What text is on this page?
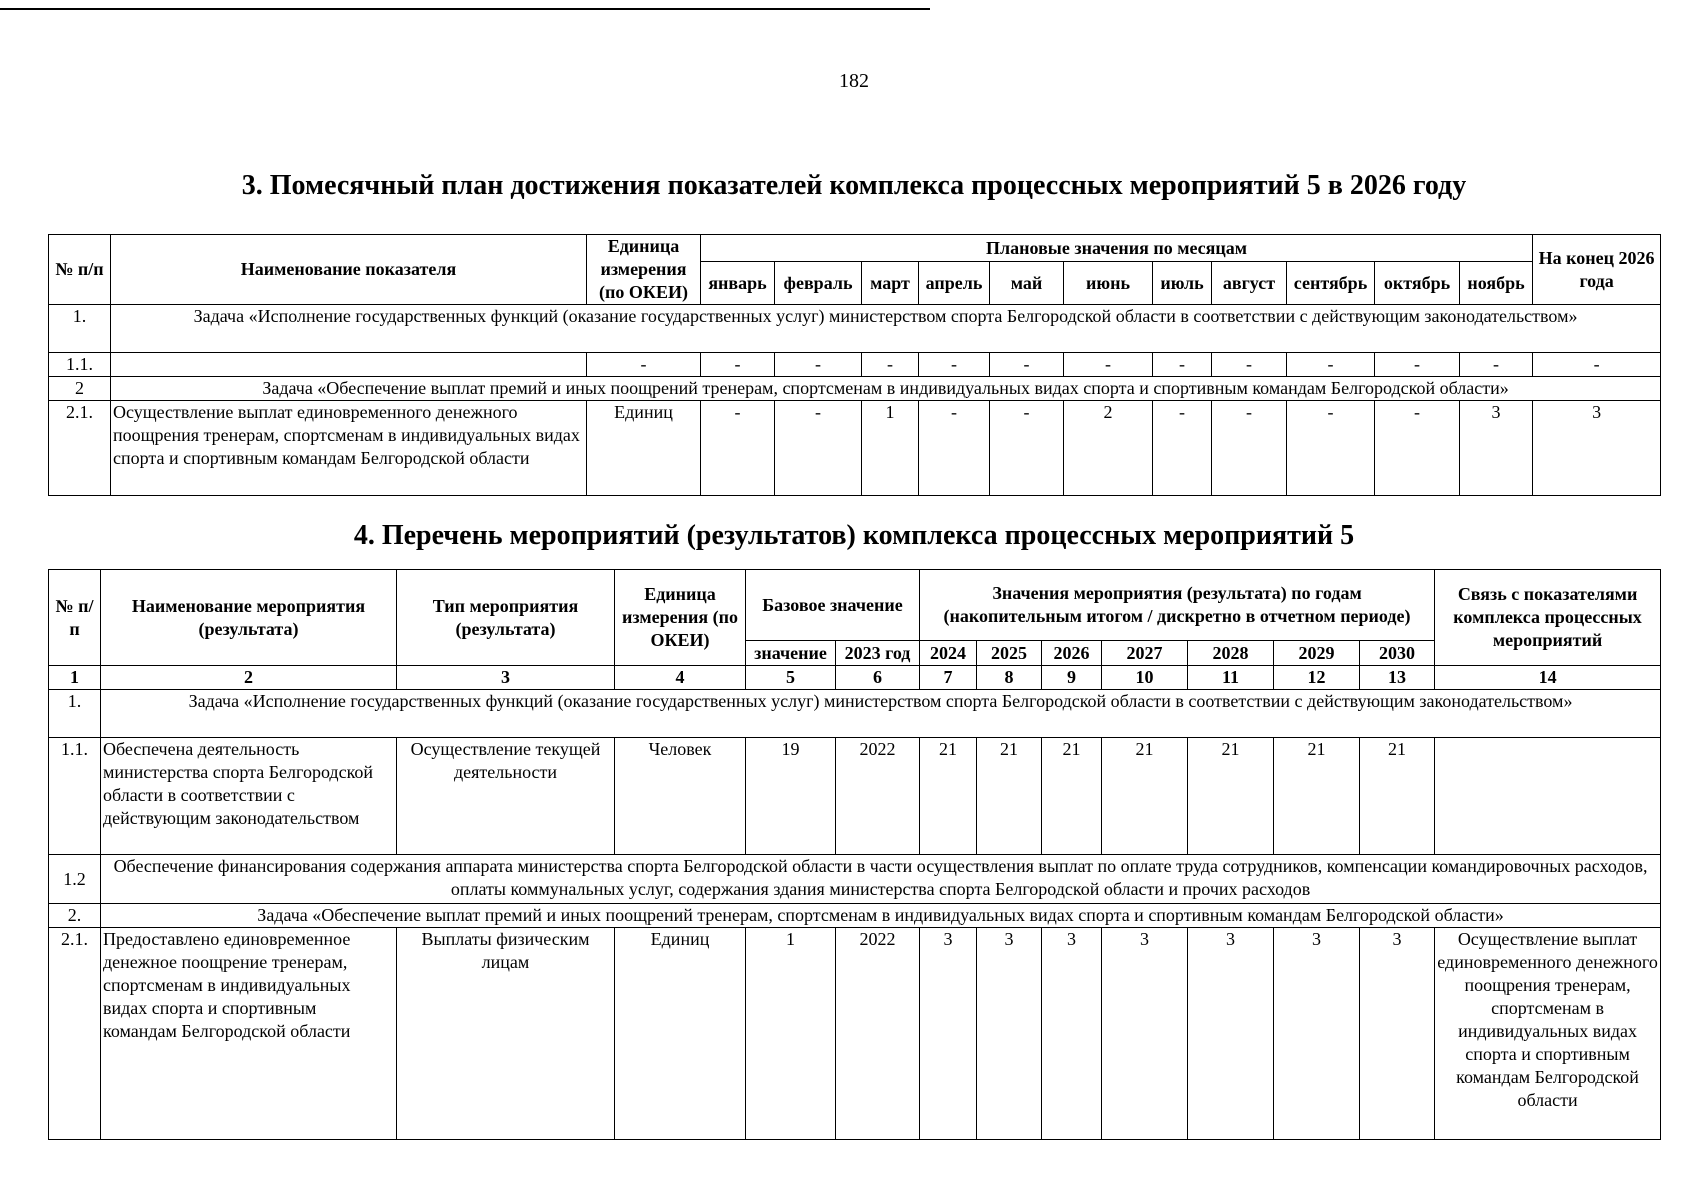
182
3. Помесячный план достижения показателей комплекса процессных мероприятий 5 в 2026 году
№ п/п	Наименование показателя	Единица измерения (по ОКЕИ)	Плановые значения по месяцам											На конец 2026 года
			январь	февраль	март	апрель	май	июнь	июль	август	сентябрь	октябрь	ноябрь	
1.	Задача «Исполнение государственных функций (оказание государственных услуг) министерством спорта Белгородской области в соответствии с действующим законодательством»													
1.1.		-	-	-	-	-	-	-	-	-	-	-	-	-
2	Задача «Обеспечение выплат премий и иных поощрений тренерам, спортсменам в индивидуальных видах спорта и спортивным командам Белгородской области»													
2.1.	Осуществление выплат единовременного денежного поощрения тренерам, спортсменам в индивидуальных видах спорта и спортивным командам Белгородской области	Единиц	-	-	1	-	-	2	-	-	-	-	3	3
4. Перечень мероприятий (результатов) комплекса процессных мероприятий 5
№ п/п	Наименование мероприятия (результата)	Тип мероприятия (результата)	Единица измерения (по ОКЕИ)	Базовое значение		Значения мероприятия (результата) по годам (накопительным итогом / дискретно в отчетном периоде)							Связь с показателями комплекса процессных мероприятий
				значение	2023 год	2024	2025	2026	2027	2028	2029	2030	
1	2	3	4	5	6	7	8	9	10	11	12	13	14
1.	Задача «Исполнение государственных функций (оказание государственных услуг) министерством спорта Белгородской области в соответствии с действующим законодательством»												
1.1.	Обеспечена деятельность министерства спорта Белгородской области в соответствии с действующим законодательством	Осуществление текущей деятельности	Человек	19	2022	21	21	21	21	21	21	21	
1.2	Обеспечение финансирования содержания аппарата министерства спорта Белгородской области в части осуществления выплат по оплате труда сотрудников, компенсации командировочных расходов, оплаты коммунальных услуг, содержания здания министерства спорта Белгородской области и прочих расходов												
2.	Задача «Обеспечение выплат премий и иных поощрений тренерам, спортсменам в индивидуальных видах спорта и спортивным командам Белгородской области»												
2.1.	Предоставлено единовременное денежное поощрение тренерам, спортсменам в индивидуальных видах спорта и спортивным командам Белгородской области	Выплаты физическим лицам	Единиц	1	2022	3	3	3	3	3	3	3	Осуществление выплат единовременного денежного поощрения тренерам, спортсменам в индивидуальных видах спорта и спортивным командам Белгородской области
